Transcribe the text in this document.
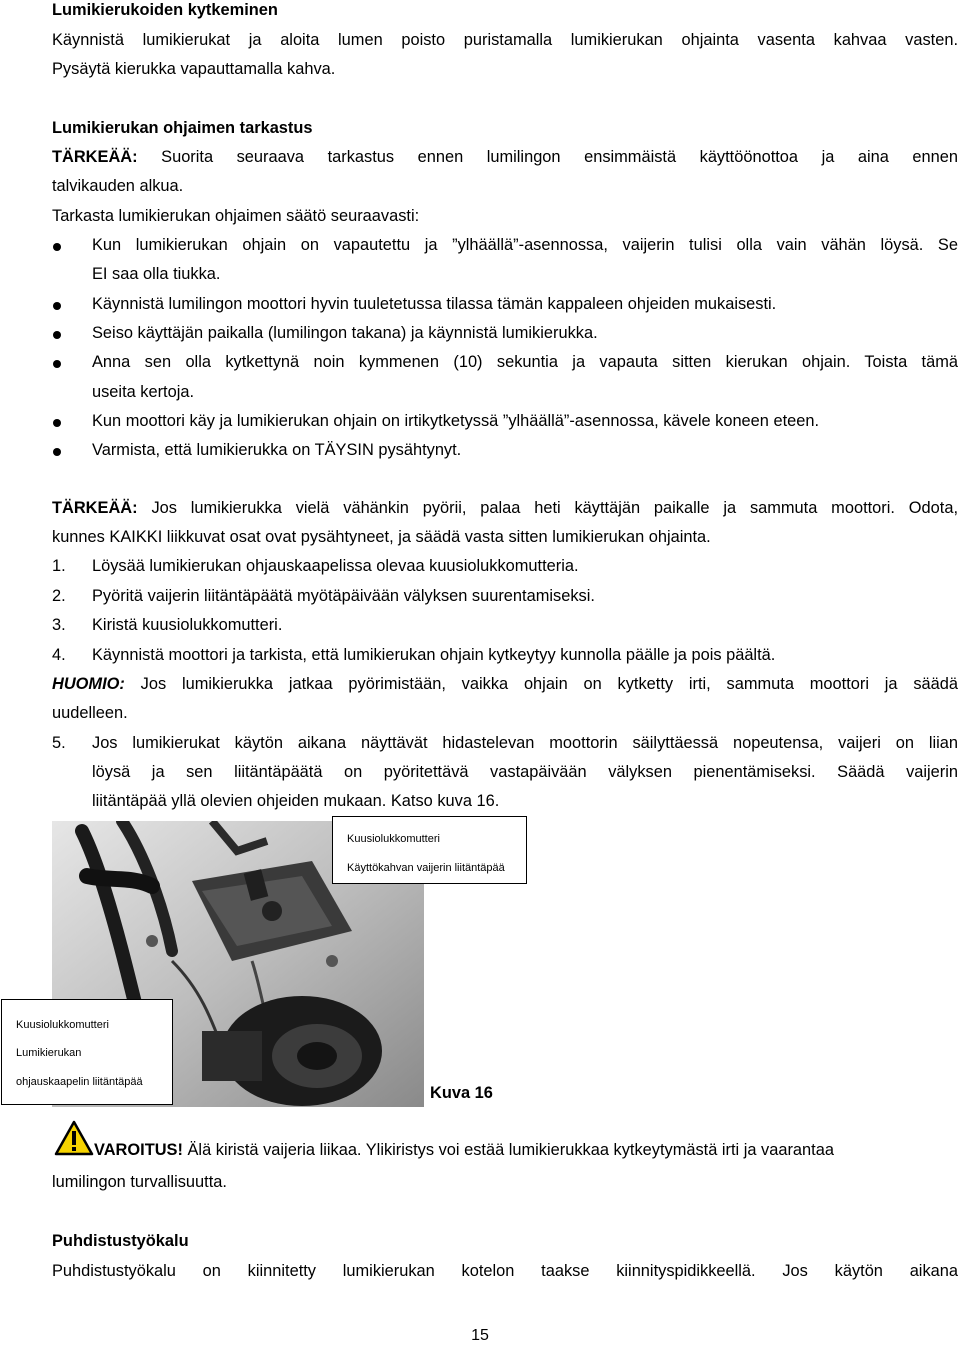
Lumikierukoiden kytkeminen
Käynnistä lumikierukat ja aloita lumen poisto puristamalla lumikierukan ohjainta vasenta kahvaa vasten.
Pysäytä kierukka vapauttamalla kahva.
Lumikierukan ohjaimen tarkastus
TÄRKEÄÄ: Suorita seuraava tarkastus ennen lumilingon ensimmäistä käyttöönottoa ja aina ennen
talvikauden alkua.
Tarkasta lumikierukan ohjaimen säätö seuraavasti:
Kun lumikierukan ohjain on vapautettu ja ”ylhäällä”-asennossa, vaijerin tulisi olla vain vähän löysä. Se
EI saa olla tiukka.
Käynnistä lumilingon moottori hyvin tuuletetussa tilassa tämän kappaleen ohjeiden mukaisesti.
Seiso käyttäjän paikalla (lumilingon takana) ja käynnistä lumikierukka.
Anna sen olla kytkettynä noin kymmenen (10) sekuntia ja vapauta sitten kierukan ohjain. Toista tämä
useita kertoja.
Kun moottori käy ja lumikierukan ohjain on irtikytketyssä ”ylhäällä”-asennossa, kävele koneen eteen.
Varmista, että lumikierukka on TÄYSIN pysähtynyt.
TÄRKEÄÄ: Jos lumikierukka vielä vähänkin pyörii, palaa heti käyttäjän paikalle ja sammuta moottori. Odota,
kunnes KAIKKI liikkuvat osat ovat pysähtyneet, ja säädä vasta sitten lumikierukan ohjainta.
1. Löysää lumikierukan ohjauskaapelissa olevaa kuusiolukkomutteria.
2. Pyöritä vaijerin liitäntäpäätä myötäpäivään välyksen suurentamiseksi.
3. Kiristä kuusiolukkomutteri.
4. Käynnistä moottori ja tarkista, että lumikierukan ohjain kytkeytyy kunnolla päälle ja pois päältä.
HUOMIO: Jos lumikierukka jatkaa pyörimistään, vaikka ohjain on kytketty irti, sammuta moottori ja säädä
uudelleen.
5. Jos lumikierukat käytön aikana näyttävät hidastelevan moottorin säilyttäessä nopeutensa, vaijeri on liian
löysä ja sen liitäntäpäätä on pyöritettävä vastapäivään välyksen pienentämiseksi. Säädä vaijerin
liitäntäpää yllä olevien ohjeiden mukaan. Katso kuva 16.
VAROITUS! Älä kiristä vaijeria liikaa. Ylikiristys voi estää lumikierukkaa kytkeytymästä irti ja vaarantaa
lumilingon turvallisuutta.
Puhdistustyökalu
Puhdistustyökalu on kiinnitetty lumikierukan kotelon taakse kiinnityspidikkeellä. Jos käytön aikana
Kuusiolukkomutteri
Käyttökahvan vaijerin liitäntäpää
Kuusiolukkomutteri
Lumikierukan
ohjauskaapelin liitäntäpää
Kuva 16
15
